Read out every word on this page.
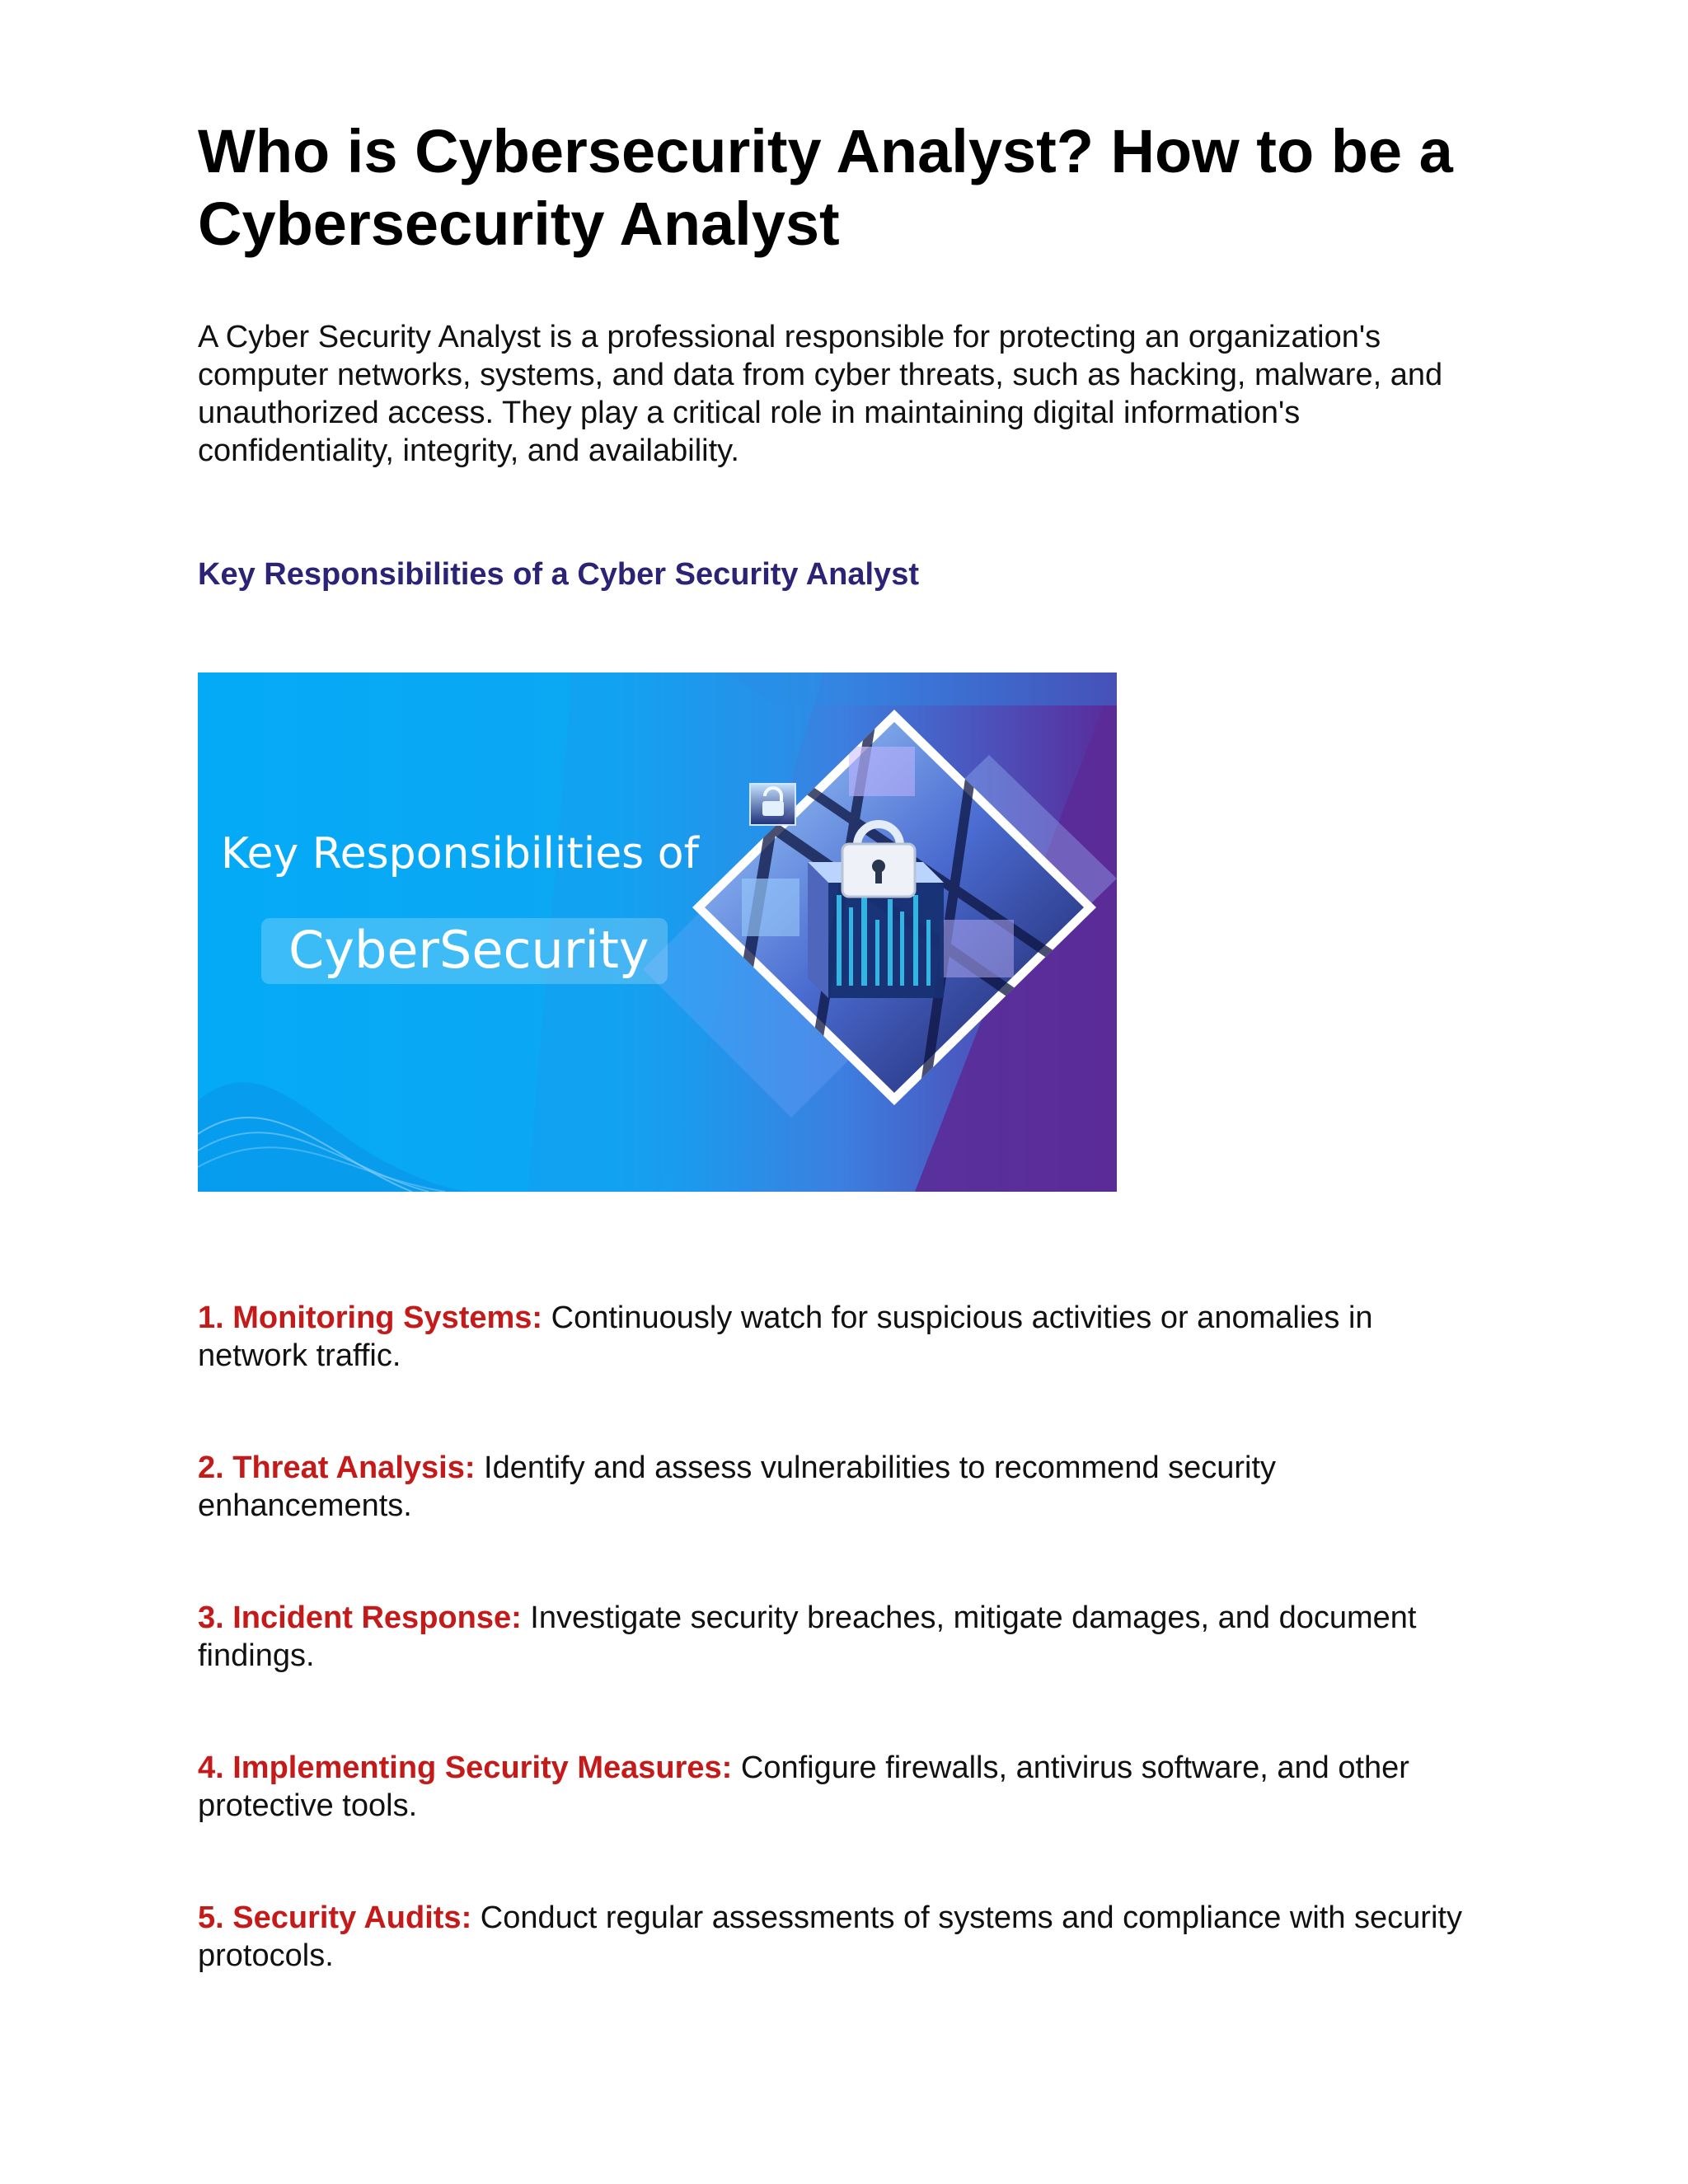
Who is Cybersecurity Analyst? How to be a Cybersecurity Analyst

A Cyber Security Analyst is a professional responsible for protecting an organization's computer networks, systems, and data from cyber threats, such as hacking, malware, and unauthorized access. They play a critical role in maintaining digital information's confidentiality, integrity, and availability.

Key Responsibilities of a Cyber Security Analyst
Key Responsibilities of
CyberSecurity

1. Monitoring Systems: Continuously watch for suspicious activities or anomalies in network traffic.

2. Threat Analysis: Identify and assess vulnerabilities to recommend security enhancements.

3. Incident Response: Investigate security breaches, mitigate damages, and document findings.

4. Implementing Security Measures: Configure firewalls, antivirus software, and other protective tools.

5. Security Audits: Conduct regular assessments of systems and compliance with security protocols.
